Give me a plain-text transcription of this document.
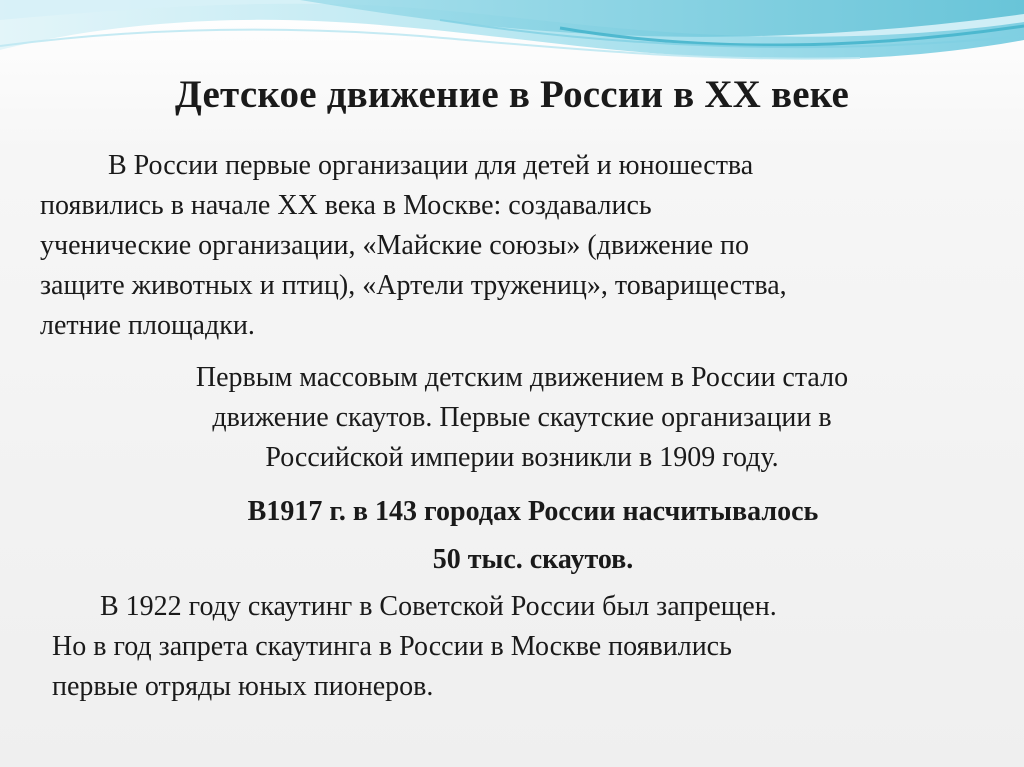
Детское движение в России в XX веке
В России первые организации для детей и юношества
появились в начале XX века в Москве: создавались
ученические организации, «Майские союзы» (движение по
защите животных и птиц), «Артели тружениц», товарищества,
летние площадки.
Первым массовым детским движением в России стало
движение скаутов. Первые скаутские организации в
Российской империи возникли в 1909 году.
В1917 г. в 143 городах России насчитывалось
50 тыс. скаутов.
В 1922 году скаутинг в Советской России был запрещен.
Но в год запрета скаутинга в России в Москве появились
первые отряды юных пионеров.
